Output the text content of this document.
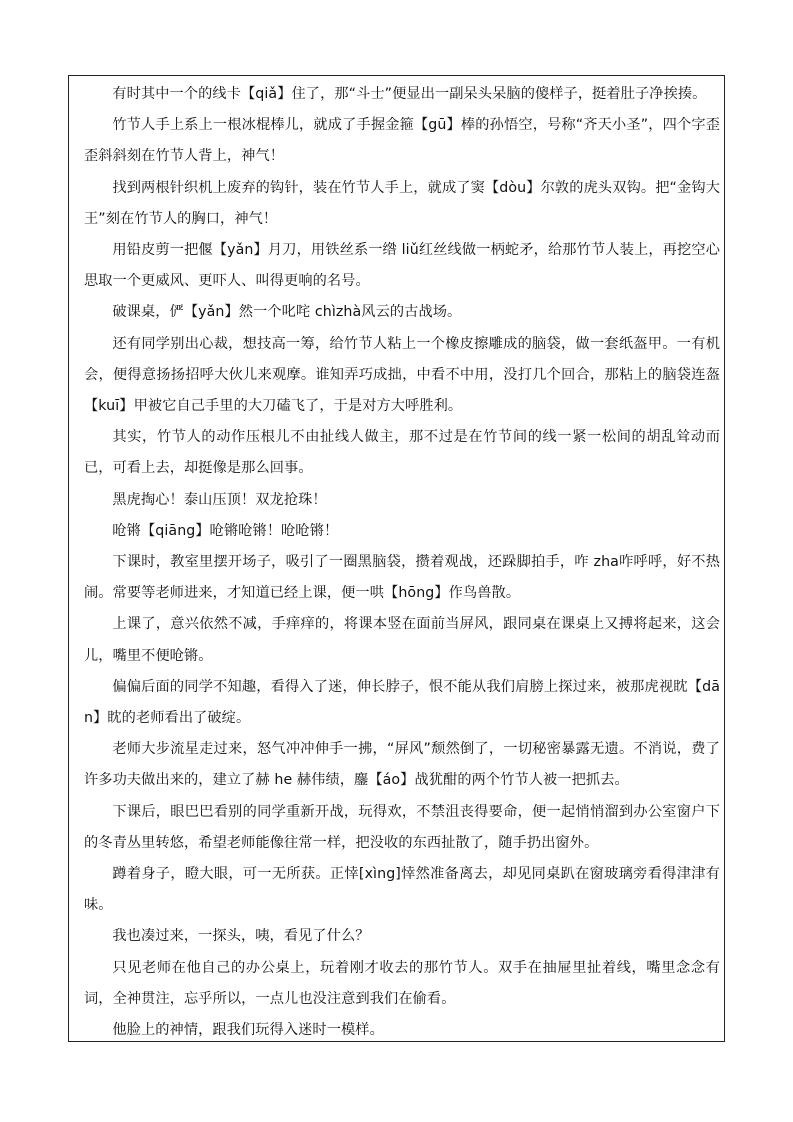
有时其中一个的线卡【qiǎ】住了，那“斗士”便显出一副呆头呆脑的傻样子，挺着肚子净挨揍。

竹节人手上系上一根冰棍棒儿，就成了手握金箍【gū】棒的孙悟空，号称“齐天小圣”，四个字歪歪斜斜刻在竹节人背上，神气！

找到两根针织机上废弃的钩针，装在竹节人手上，就成了窦【dòu】尔敦的虎头双钩。把“金钩大王”刻在竹节人的胸口，神气！

用铅皮剪一把偃【yǎn】月刀，用铁丝系一绺 liǔ红丝线做一柄蛇矛，给那竹节人装上，再挖空心思取一个更威风、更吓人、叫得更响的名号。

破课桌，俨【yǎn】然一个叱咤 chìzhà风云的古战场。

还有同学别出心裁，想技高一筹，给竹节人粘上一个橡皮擦雕成的脑袋，做一套纸盔甲。一有机会，便得意扬扬招呼大伙儿来观摩。谁知弄巧成拙，中看不中用，没打几个回合，那粘上的脑袋连盔【kuī】甲被它自己手里的大刀磕飞了，于是对方大呼胜利。

其实，竹节人的动作压根儿不由扯线人做主，那不过是在竹节间的线一紧一松间的胡乱耸动而已，可看上去，却挺像是那么回事。

黑虎掏心！泰山压顶！双龙抢珠！

呛锵【qiāng】呛锵呛锵！呛呛锵！

下课时，教室里摆开场子，吸引了一圈黑脑袋，攒着观战，还跺脚拍手，咋 zha咋呼呼，好不热闹。常要等老师进来，才知道已经上课，便一哄【hōng】作鸟兽散。

上课了，意兴依然不减，手痒痒的，将课本竖在面前当屏风，跟同桌在课桌上又搏将起来，这会儿，嘴里不便呛锵。

偏偏后面的同学不知趣，看得入了迷，伸长脖子，恨不能从我们肩膀上探过来，被那虎视眈【dān】眈的老师看出了破绽。

老师大步流星走过来，怒气冲冲伸手一拂，“屏风”颓然倒了，一切秘密暴露无遗。不消说，费了许多功夫做出来的，建立了赫 he 赫伟绩，鏖【áo】战犹酣的两个竹节人被一把抓去。

下课后，眼巴巴看别的同学重新开战，玩得欢，不禁沮丧得要命，便一起悄悄溜到办公室窗户下的冬青丛里转悠，希望老师能像往常一样，把没收的东西扯散了，随手扔出窗外。

蹲着身子，瞪大眼，可一无所获。正悻[xìng]悻然准备离去，却见同桌趴在窗玻璃旁看得津津有味。

我也凑过来，一探头，咦，看见了什么？

只见老师在他自己的办公桌上，玩着刚才收去的那竹节人。双手在抽屉里扯着线，嘴里念念有词，全神贯注，忘乎所以，一点儿也没注意到我们在偷看。

他脸上的神情，跟我们玩得入迷时一模样。
